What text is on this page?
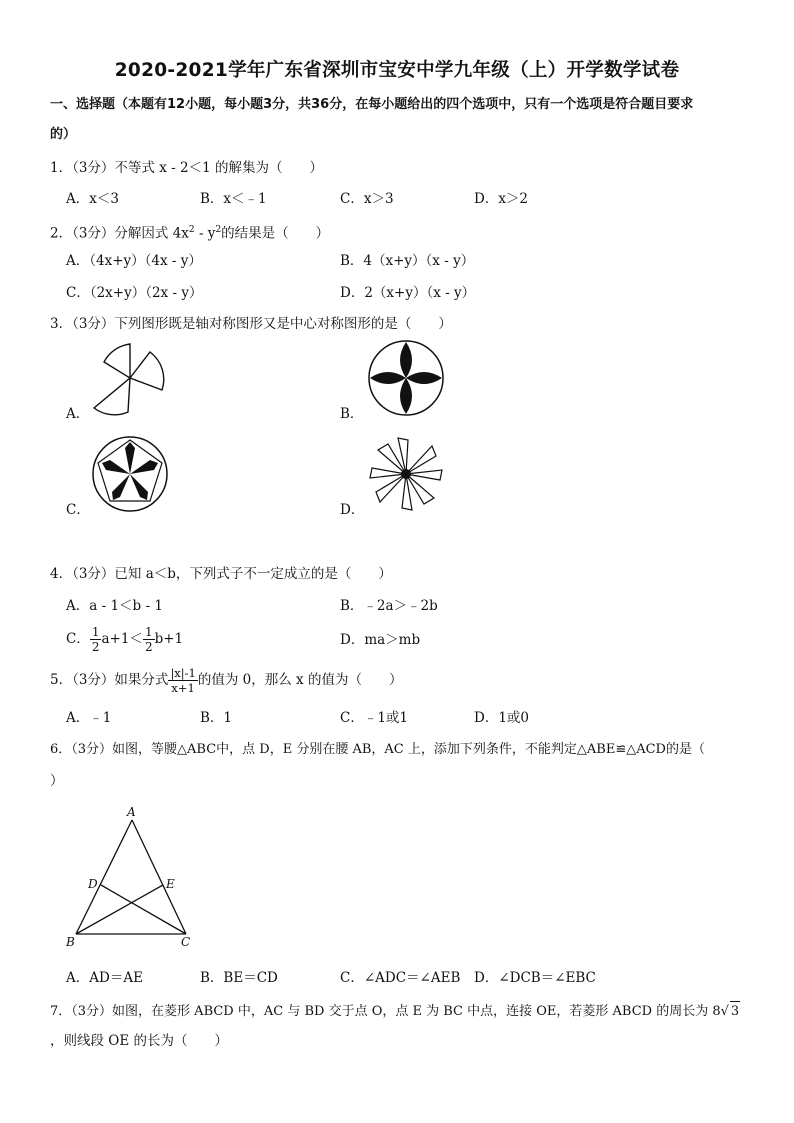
2020-2021学年广东省深圳市宝安中学九年级（上）开学数学试卷
一、选择题（本题有12小题，每小题3分，共36分，在每小题给出的四个选项中，只有一个选项是符合题目要求
的）
1．（3分）不等式 x - 2＜1 的解集为（　　）
A．x＜3	B．x＜﹣1	C．x＞3	D．x＞2
2．（3分）分解因式 $4x^2 - y^2$的结果是（　　）
A．（4x+y）（4x - y）	B．4（x+y）（x - y）
C．（2x+y）（2x - y）	D．2（x+y）（x - y）
3．（3分）下列图形既是轴对称图形又是中心对称图形的是（　　）
A．	B．
C．	D．
4．（3分）已知 a＜b，下列式子不一定成立的是（　　）
A．a - 1＜b - 1	B．﹣2a＞﹣2b
C． $\frac{1}{2} a+1< \frac{1}{2} b+1$	D．ma＞mb
5．（3分）如果分式 $\frac{|x|-1}{x+1}$ 的值为 0，那么 x 的值为（　　）
A．﹣1	B．1	C．﹣1或1	D．1或0
6．（3分）如图，等腰△ABC中，点 D，E 分别在腰 AB，AC 上，添加下列条件，不能判定△ABE≌△ACD的是（
）
A
B	C
D	E
A．AD＝AE	B．BE＝CD	C．∠ADC＝∠AEB D．∠DCB＝∠EBC
7．（3分）如图，在菱形 ABCD 中，AC 与 BD 交于点 O，点 E 为 BC 中点，连接 OE，若菱形 ABCD 的周长为 8√ 3
，则线段 OE 的长为（　　）
